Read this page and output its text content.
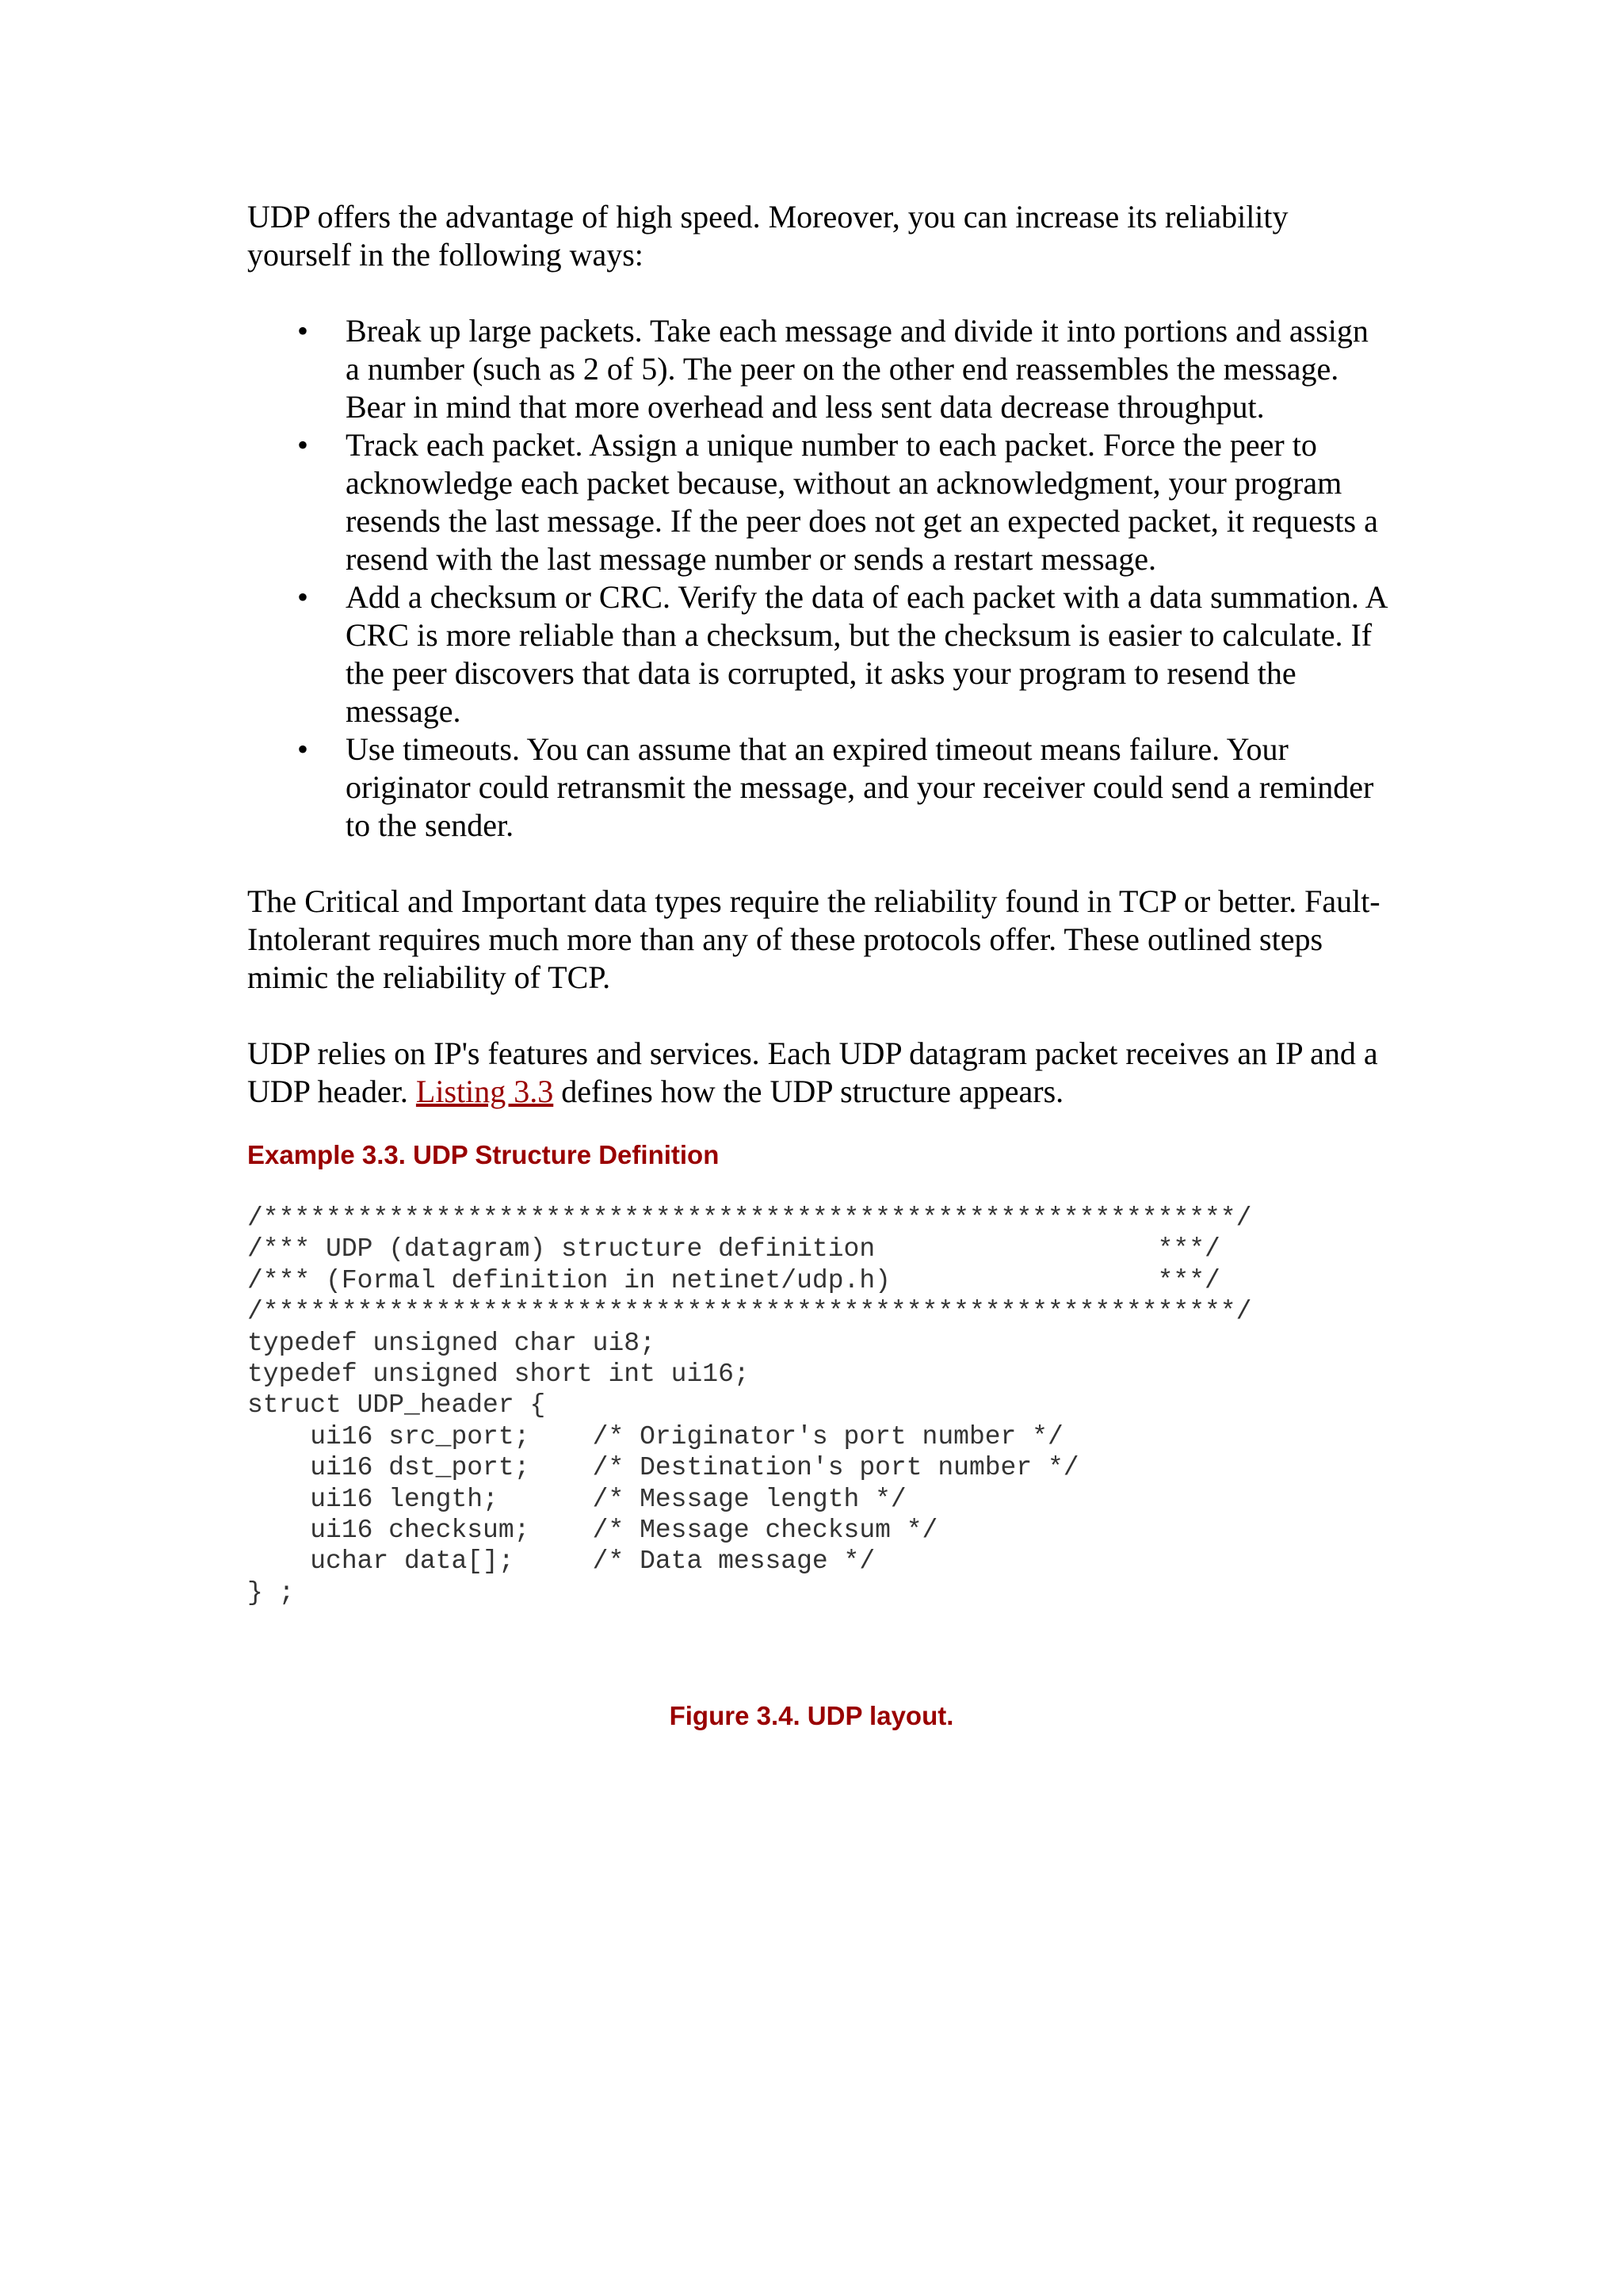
UDP offers the advantage of high speed. Moreover, you can increase its reliability yourself in the following ways:

• Break up large packets. Take each message and divide it into portions and assign a number (such as 2 of 5). The peer on the other end reassembles the message. Bear in mind that more overhead and less sent data decrease throughput.
• Track each packet. Assign a unique number to each packet. Force the peer to acknowledge each packet because, without an acknowledgment, your program resends the last message. If the peer does not get an expected packet, it requests a resend with the last message number or sends a restart message.
• Add a checksum or CRC. Verify the data of each packet with a data summation. A CRC is more reliable than a checksum, but the checksum is easier to calculate. If the peer discovers that data is corrupted, it asks your program to resend the message.
• Use timeouts. You can assume that an expired timeout means failure. Your originator could retransmit the message, and your receiver could send a reminder to the sender.

The Critical and Important data types require the reliability found in TCP or better. Fault-Intolerant requires much more than any of these protocols offer. These outlined steps mimic the reliability of TCP.

UDP relies on IP's features and services. Each UDP datagram packet receives an IP and a UDP header. Listing 3.3 defines how the UDP structure appears.

Example 3.3. UDP Structure Definition
/**************************************************************/
/*** UDP (datagram) structure definition                  ***/
/*** (Formal definition in netinet/udp.h)                 ***/
/**************************************************************/
typedef unsigned char ui8;
typedef unsigned short int ui16;
struct UDP_header {
ui16 src_port;    /* Originator's port number */
ui16 dst_port;    /* Destination's port number */
ui16 length;      /* Message length */
ui16 checksum;    /* Message checksum */
uchar data[];     /* Data message */
} ;
Figure 3.4. UDP layout.
